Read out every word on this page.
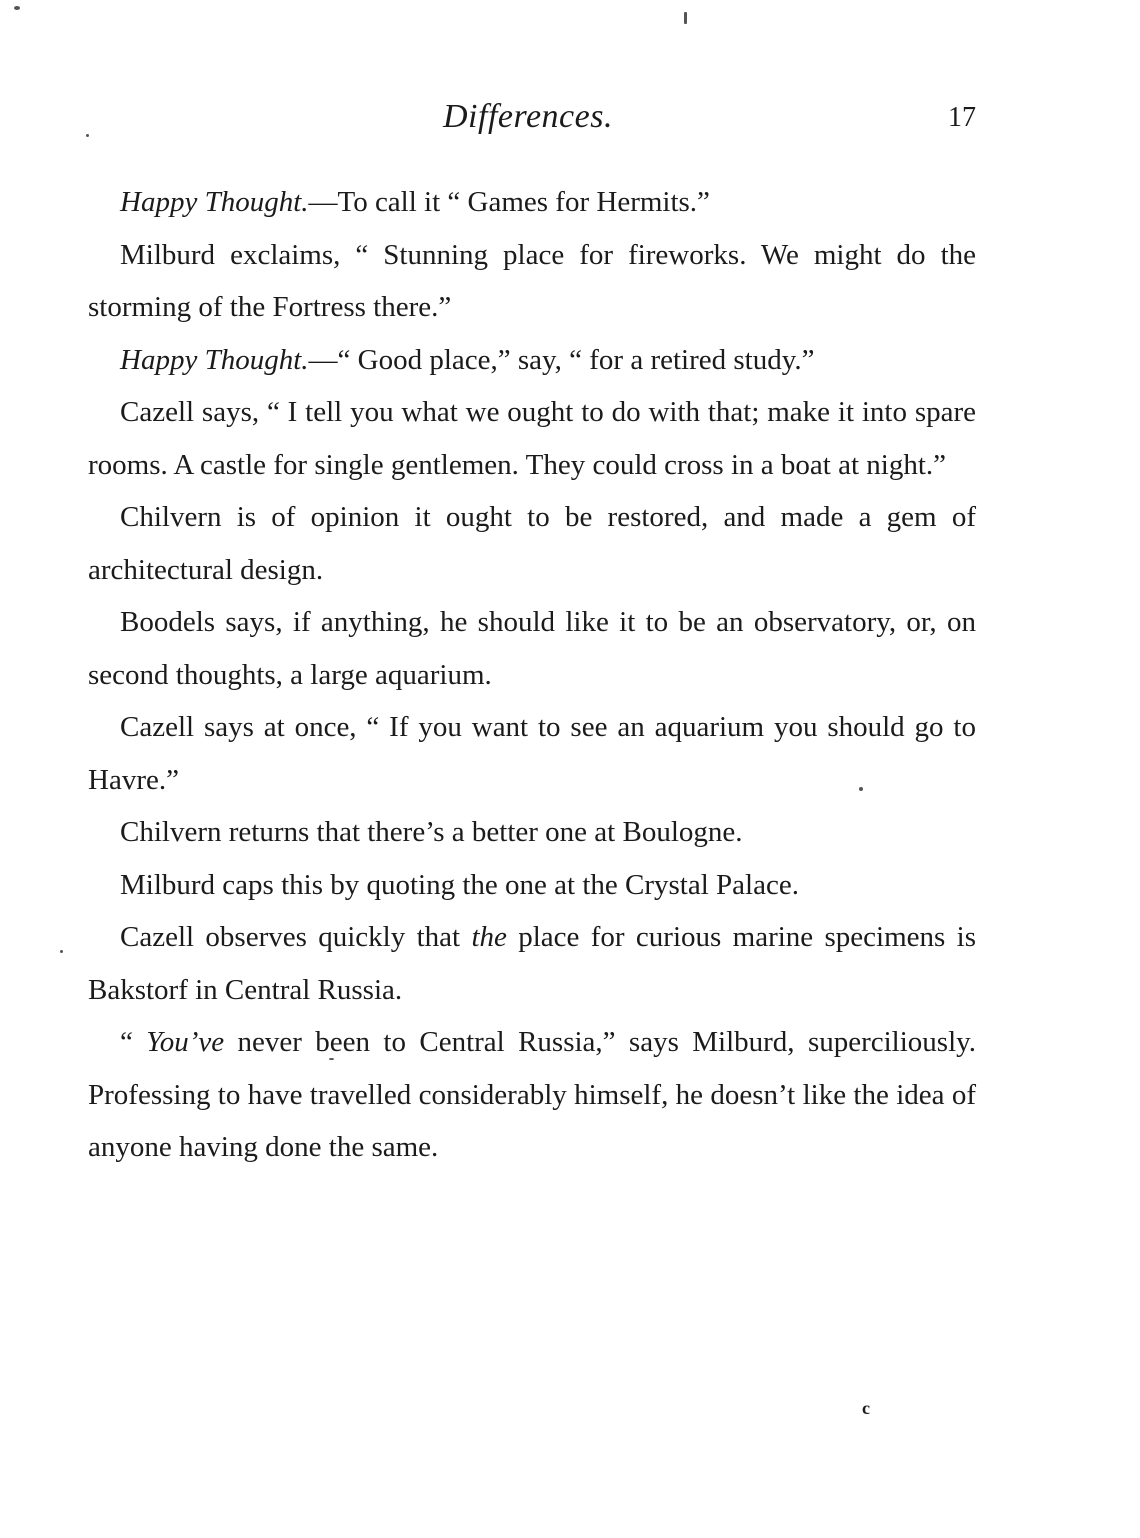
Differences.	17

Happy Thought.—To call it “ Games for Hermits.”

Milburd exclaims, “ Stunning place for fireworks. We might do the storming of the Fortress there.”

Happy Thought.—“ Good place,” say, “ for a retired study.”

Cazell says, “ I tell you what we ought to do with that; make it into spare rooms. A castle for single gentlemen. They could cross in a boat at night.”

Chilvern is of opinion it ought to be restored, and made a gem of architectural design.

Boodels says, if anything, he should like it to be an observatory, or, on second thoughts, a large aquarium.

Cazell says at once, “ If you want to see an aquarium you should go to Havre.”

Chilvern returns that there’s a better one at Boulogne.

Milburd caps this by quoting the one at the Crystal Palace.

Cazell observes quickly that the place for curious marine specimens is Bakstorf in Central Russia.

“ You’ve never been to Central Russia,” says Milburd, superciliously. Professing to have travelled considerably himself, he doesn’t like the idea of anyone having done the same.

c
